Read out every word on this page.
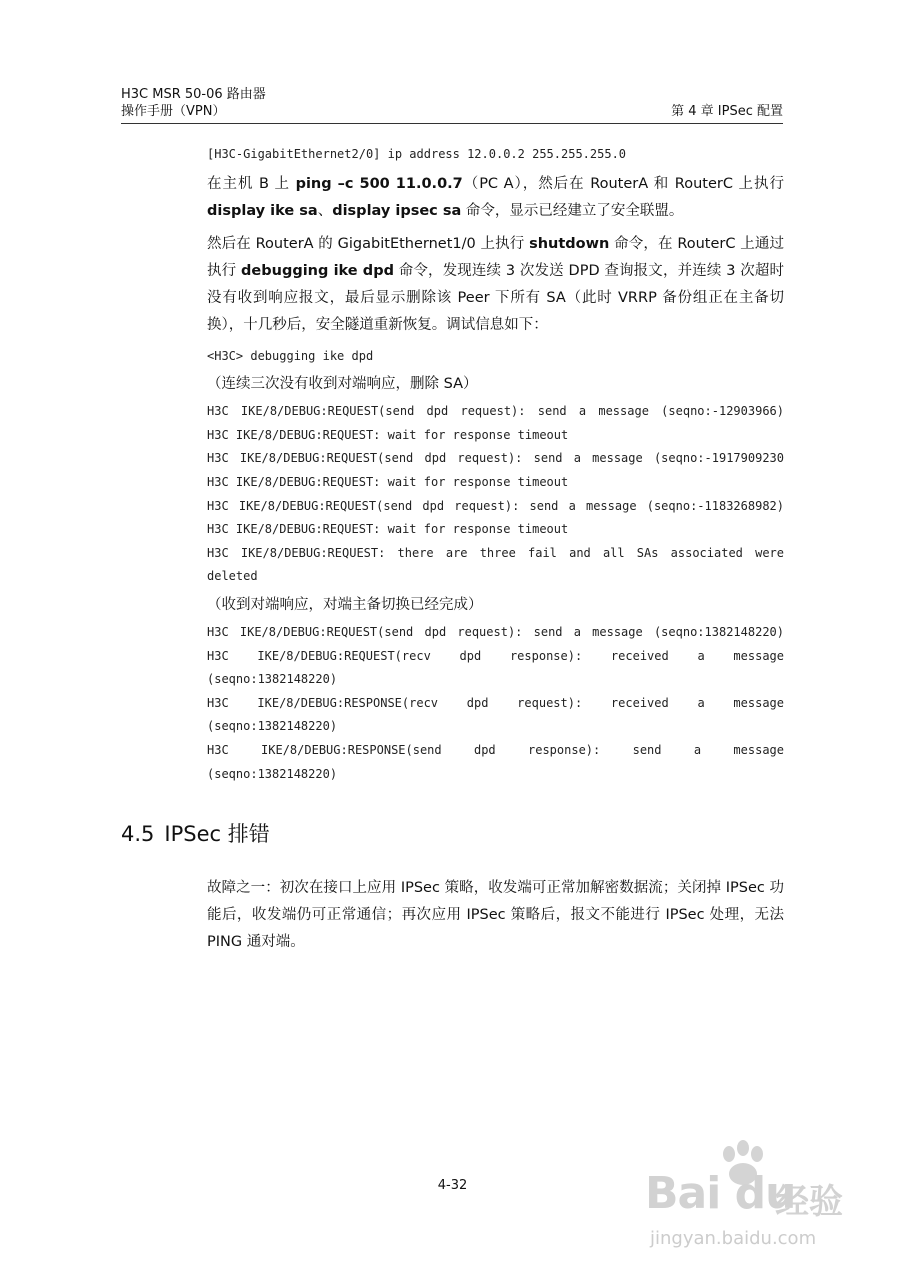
H3C MSR 50-06 路由器
操作手册（VPN）	第 4 章 IPSec 配置
[H3C-GigabitEthernet2/0] ip address 12.0.0.2 255.255.255.0

在主机 B 上 ping –c 500 11.0.0.7（PC A），然后在 RouterA 和 RouterC 上执行 display ike sa、display ipsec sa 命令，显示已经建立了安全联盟。

然后在 RouterA 的 GigabitEthernet1/0 上执行 shutdown 命令，在 RouterC 上通过执行 debugging ike dpd 命令，发现连续 3 次发送 DPD 查询报文，并连续 3 次超时没有收到响应报文，最后显示删除该 Peer 下所有 SA（此时 VRRP 备份组正在主备切换），十几秒后，安全隧道重新恢复。调试信息如下：

<H3C> debugging ike dpd
（连续三次没有收到对端响应，删除 SA）
H3C IKE/8/DEBUG:REQUEST(send dpd request): send a message (seqno:-12903966)
H3C IKE/8/DEBUG:REQUEST: wait for response timeout
H3C IKE/8/DEBUG:REQUEST(send dpd request): send a message (seqno:-1917909230
H3C IKE/8/DEBUG:REQUEST: wait for response timeout
H3C IKE/8/DEBUG:REQUEST(send dpd request): send a message (seqno:-1183268982)
H3C IKE/8/DEBUG:REQUEST: wait for response timeout
H3C IKE/8/DEBUG:REQUEST: there are three fail and all SAs associated were
deleted
（收到对端响应，对端主备切换已经完成）
H3C IKE/8/DEBUG:REQUEST(send dpd request): send a message (seqno:1382148220)
H3C IKE/8/DEBUG:REQUEST(recv dpd response): received a message
(seqno:1382148220)
H3C IKE/8/DEBUG:RESPONSE(recv dpd request): received a message
(seqno:1382148220)
H3C IKE/8/DEBUG:RESPONSE(send dpd response): send a message
(seqno:1382148220)
4.5 IPSec 排错
故障之一：初次在接口上应用 IPSec 策略，收发端可正常加解密数据流；关闭掉 IPSec 功能后，收发端仍可正常通信；再次应用 IPSec 策略后，报文不能进行 IPSec 处理，无法 PING 通对端。
4-32	Bai du
经验
jingyan.baidu.com
